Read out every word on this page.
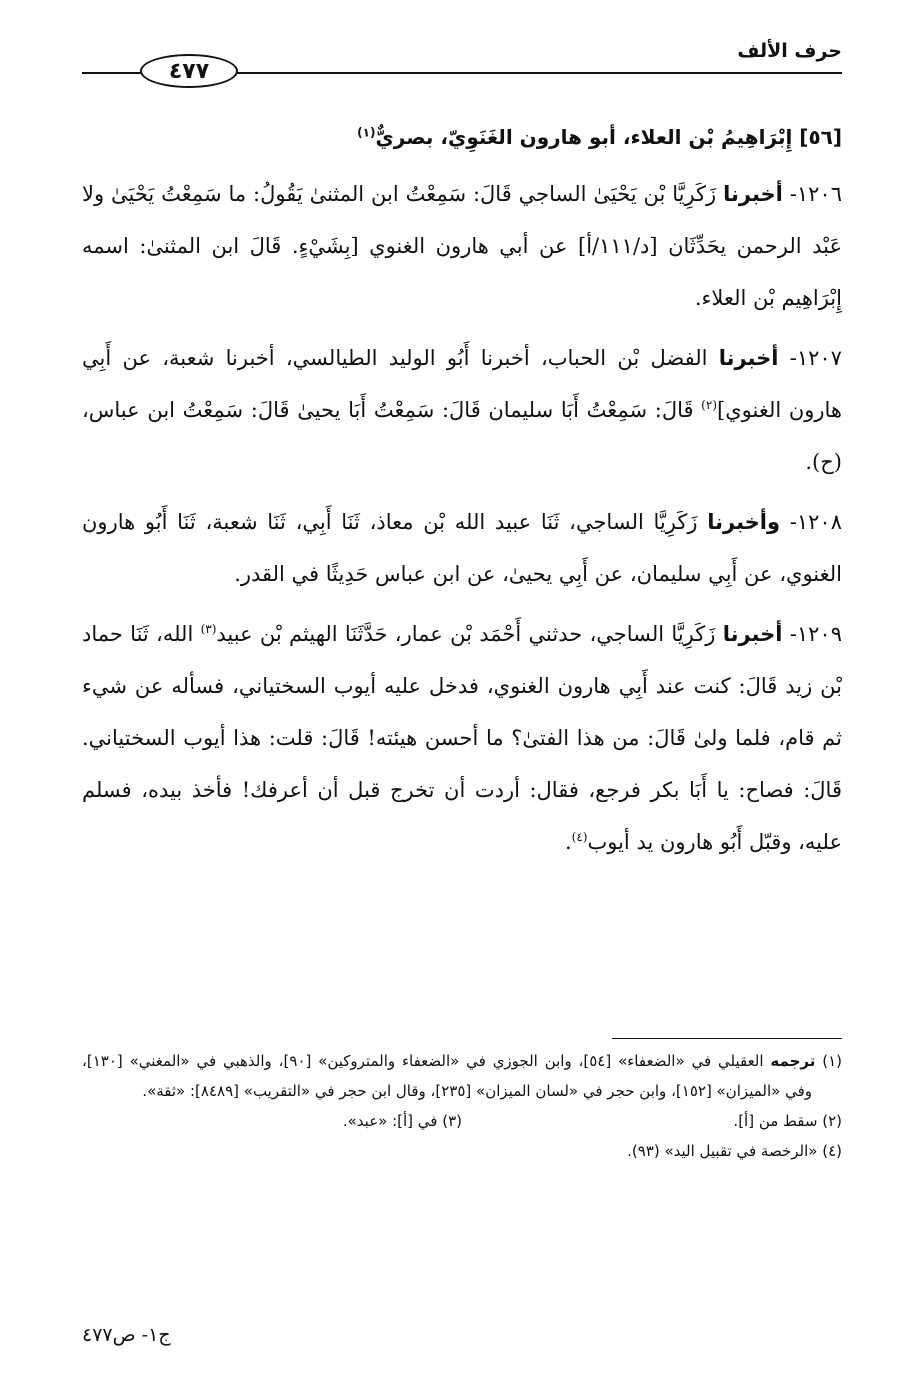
حرف الألف
٤٧٧
[٥٦] إِبْرَاهِيمُ بْن العلاء، أبو هارون الغَنَوِيّ، بصريٌّ$^{(١)}$

١٢٠٦- أخبرنا زَكَرِيَّا بْن يَحْيَىٰ الساجي قَالَ: سَمِعْتُ ابن المثنىٰ يَقُولُ: ما سَمِعْتُ يَحْيَىٰ ولا عَبْد الرحمن يحَدِّثَان [د/١١١/أ] عن أبي هارون الغنوي [بِشَيْءٍ. قَالَ ابن المثنىٰ: اسمه إِبْرَاهِيم بْن العلاء.

١٢٠٧- أخبرنا الفضل بْن الحباب، أخبرنا أَبُو الوليد الطيالسي، أخبرنا شعبة، عن أَبِي هارون الغنوي]$^{(٢)}$ قَالَ: سَمِعْتُ أَبَا سليمان قَالَ: سَمِعْتُ أَبَا يحيىٰ قَالَ: سَمِعْتُ ابن عباس، (ح).

١٢٠٨- وأخبرنا زَكَرِيَّا الساجي، ثَنَا عبيد الله بْن معاذ، ثَنَا أَبِي، ثَنَا شعبة، ثَنَا أَبُو هارون الغنوي، عن أَبِي سليمان، عن أَبِي يحيىٰ، عن ابن عباس حَدِيثًا في القدر.

١٢٠٩- أخبرنا زَكَرِيَّا الساجي، حدثني أَحْمَد بْن عمار، حَدَّثَنَا الهيثم بْن عبيد$^{(٣)}$ الله، ثَنَا حماد بْن زيد قَالَ: كنت عند أَبِي هارون الغنوي، فدخل عليه أيوب السختياني، فسأله عن شيء ثم قام، فلما ولىٰ قَالَ: من هذا الفتىٰ؟ ما أحسن هيئته! قَالَ: قلت: هذا أيوب السختياني. قَالَ: فصاح: يا أَبَا بكر فرجع، فقال: أردت أن تخرج قبل أن أعرفك! فأخذ بيده، فسلم عليه، وقبّل أَبُو هارون يد أيوب$^{(٤)}$.

(١) ترجمه العقيلي في «الضعفاء» [٥٤]، وابن الجوزي في «الضعفاء والمتروكين» [٩٠]، والذهبي في «المغني» [١٣٠]، وفي «الميزان» [١٥٢]، وابن حجر في «لسان الميزان» [٢٣٥]، وقال ابن حجر في «التقريب» [٨٤٨٩]: «ثقة».

(٢) سقط من [أ].

(٣) في [أ]: «عبد».

(٤) «الرخصة في تقبيل اليد» (٩٣).

ج١- ص٤٧٧
